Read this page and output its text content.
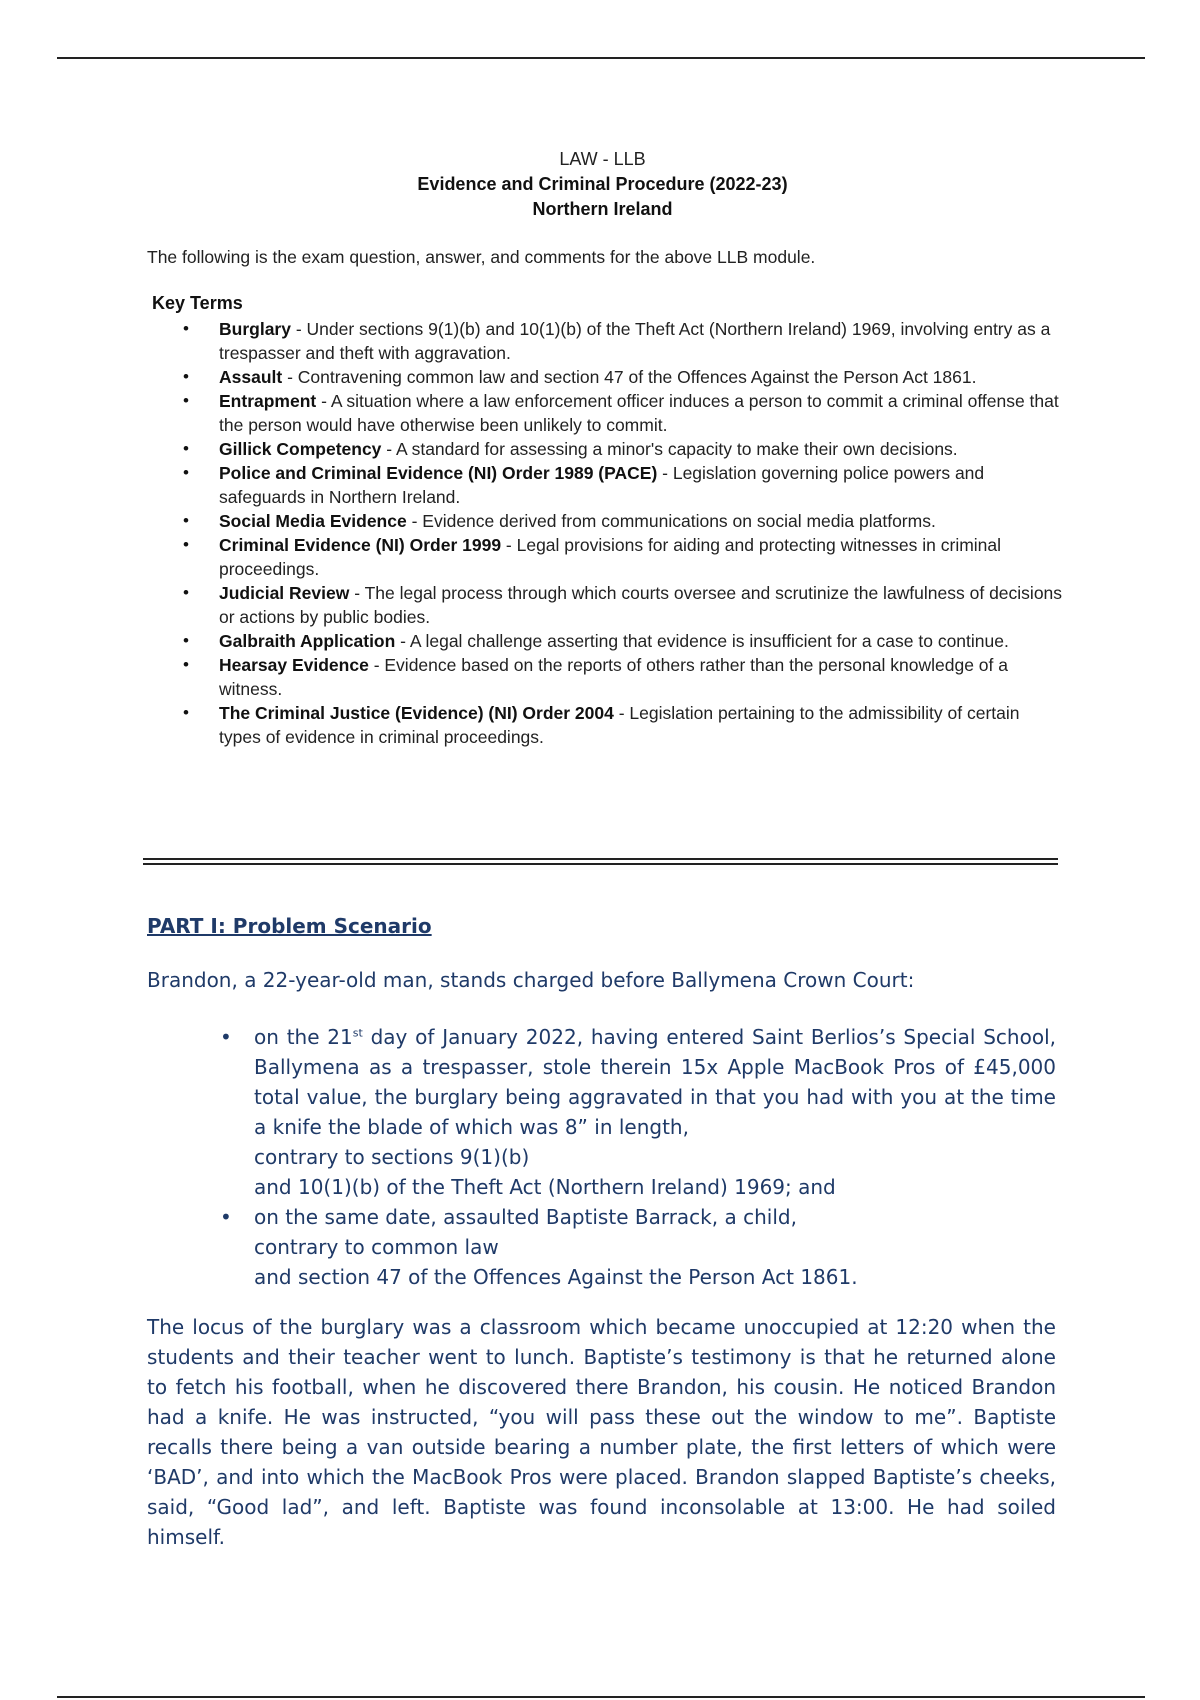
LAW - LLB
Evidence and Criminal Procedure (2022-23)
Northern Ireland
The following is the exam question, answer, and comments for the above LLB module.
Key Terms
• Burglary - Under sections 9(1)(b) and 10(1)(b) of the Theft Act (Northern Ireland) 1969, involving entry as a trespasser and theft with aggravation.
• Assault - Contravening common law and section 47 of the Offences Against the Person Act 1861.
• Entrapment - A situation where a law enforcement officer induces a person to commit a criminal offense that the person would have otherwise been unlikely to commit.
• Gillick Competency - A standard for assessing a minor's capacity to make their own decisions.
• Police and Criminal Evidence (NI) Order 1989 (PACE) - Legislation governing police powers and safeguards in Northern Ireland.
• Social Media Evidence - Evidence derived from communications on social media platforms.
• Criminal Evidence (NI) Order 1999 - Legal provisions for aiding and protecting witnesses in criminal proceedings.
• Judicial Review - The legal process through which courts oversee and scrutinize the lawfulness of decisions or actions by public bodies.
• Galbraith Application - A legal challenge asserting that evidence is insufficient for a case to continue.
• Hearsay Evidence - Evidence based on the reports of others rather than the personal knowledge of a witness.
• The Criminal Justice (Evidence) (NI) Order 2004 - Legislation pertaining to the admissibility of certain types of evidence in criminal proceedings.
PART I: Problem Scenario
Brandon, a 22-year-old man, stands charged before Ballymena Crown Court:
• on the 21st day of January 2022, having entered Saint Berlios’s Special School, Ballymena as a trespasser, stole therein 15x Apple MacBook Pros of £45,000 total value, the burglary being aggravated in that you had with you at the time a knife the blade of which was 8” in length,
contrary to sections 9(1)(b)
and 10(1)(b) of the Theft Act (Northern Ireland) 1969; and
• on the same date, assaulted Baptiste Barrack, a child,
contrary to common law
and section 47 of the Offences Against the Person Act 1861.
The locus of the burglary was a classroom which became unoccupied at 12:20 when the students and their teacher went to lunch. Baptiste’s testimony is that he returned alone to fetch his football, when he discovered there Brandon, his cousin. He noticed Brandon had a knife. He was instructed, “you will pass these out the window to me”. Baptiste recalls there being a van outside bearing a number plate, the first letters of which were ‘BAD’, and into which the MacBook Pros were placed. Brandon slapped Baptiste’s cheeks, said, “Good lad”, and left. Baptiste was found inconsolable at 13:00. He had soiled himself.
